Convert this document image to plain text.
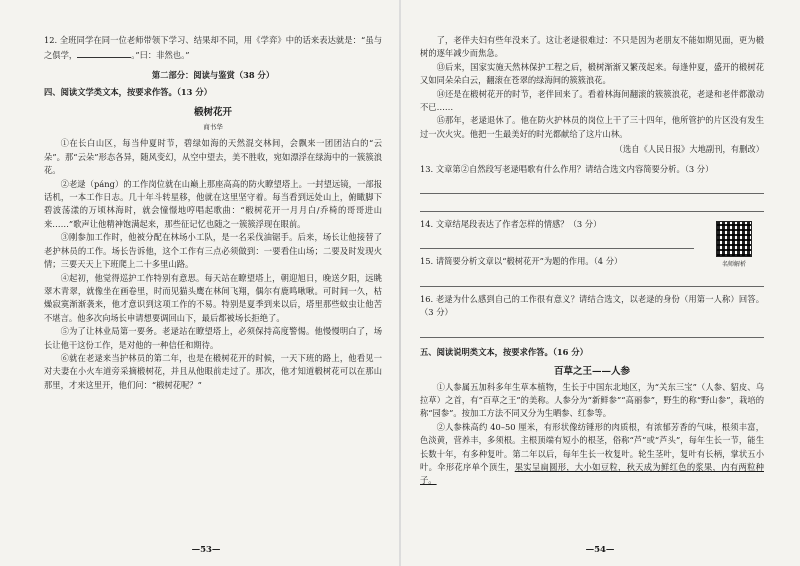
12. 全班同学在同一位老师带领下学习、结果却不同，用《学弈》中的话来表达就是：“虽与之俱学，	。”曰：非然也。”

第二部分：阅读与鉴赏（38 分）
四、阅读文学类文本，按要求作答。（13 分）
椴树花开
商书华

①在长白山区，每当仲夏时节，碧绿如海的天然混交林间，会飘来一团团洁白的“云朵”。那“云朵”形态各异，随风变幻，从空中望去，美不胜收，宛如漂浮在绿海中的一簇簇浪花。

②老逯（páng）的工作岗位就在山巅上那座高高的防火瞭望塔上。一封望远镜，一部报话机，一本工作日志。几十年斗转星移，他就在这里坚守着。每当看到远处山上，俯瞰脚下碧波荡漾的万顷林海时，就会憧憬地哼唱起歌曲：“椴树花开一月月白/乔椅的哥哥进山来……”歌声让他精神饱满起来，那些征记忆也随之一簇簇浮现在眼前。

③刚参加工作时，他被分配在林场小工队，是一名采伐油锯手。后来，场长让他接替了老护林员的工作。场长告诉他，这个工作有三点必须做到：一要看住山场；二要及时发现火情；三要天天上下班爬上二十多里山路。

④起初，他觉得巡护工作特别有意思。每天站在瞭望塔上，朝迎旭日，晚送夕阳，远眺翠木青翠，就像坐在画卷里，时而见猫头鹰在林间飞翔，偶尔有鹿鸣啾啾。可时间一久，枯燥寂寞渐渐袭来，他才意识到这项工作的不易。特别是夏季到来以后，塔里那些蚊虫让他苦不堪言。他多次向场长申请想要调回山下，最后都被场长拒绝了。

⑤为了让林业局第一要务。老逯站在瞭望塔上，必须保持高度警惕。他慢慢明白了，场长让他干这份工作，是对他的一种信任和期待。

⑥就在老逯来当护林员的第二年，也是在椴树花开的时候，一天下班的路上，他看见一对夫妻在小火车道旁采摘椴树花，并且从他眼前走过了。那次，他才知道椴树花可以在那山那里，才来这里开，他们问：“椴树花呢？”

—53—

了，老伴夫妇有些年没来了。这让老逯很难过：不只是因为老朋友不能如期见面，更为椴树的逐年减少而焦急。

⑬后来，国家实施天然林保护工程之后，椴树渐渐又繁茂起来。每逢仲夏，盛开的椴树花又如同朵朵白云，翻滚在苍翠的绿海间的簇簇浪花。

⑭还是在椴树花开的时节，老伴回来了。看着林海间翻滚的簇簇浪花，老逯和老伴都激动不已……

⑮那年，老逯退休了。他在防火护林员的岗位上干了三十四年，他所管护的片区没有发生过一次火灾。他把一生最美好的时光都献给了这片山林。

（选自《人民日报》大地副刊，有删改）

13. 文章第②自然段写老逯唱歌有什么作用？请结合选文内容简要分析。（3 分）

14. 文章结尾段表达了作者怎样的情感？（3 分）

15. 请简要分析文章以“椴树花开”为题的作用。（4 分）

16. 老逯为什么感到自己的工作很有意义？请结合选文，以老逯的身份（用第一人称）回答。（3 分）

五、阅读说明类文本，按要求作答。（16 分）
百草之王——人参

①人参属五加科多年生草本植物，生长于中国东北地区，为“关东三宝”（人参、貂皮、乌拉草）之首，有“百草之王”的美称。人参分为“新鲜参”“高丽参”，野生的称“野山参”，栽培的称“园参”。按加工方法不同又分为生晒参、红参等。

②人参株高约 40–50 厘米，有形状像纺锤形的肉质根，有浓郁芳香的气味，根须丰富，色淡黄，营养丰，多须根。主根顶端有短小的根茎，俗称“芦”或“芦头”，每年生长一节，能生长数十年，有多种复叶。第二年以后，每年生长一枚复叶。轮生茎叶，复叶有长柄，掌状五小叶。伞形花序单个顶生，果实呈扁圆形，大小如豆粒，秋天成为鲜红色的浆果，内有两粒种子。

—54—
名师解析
